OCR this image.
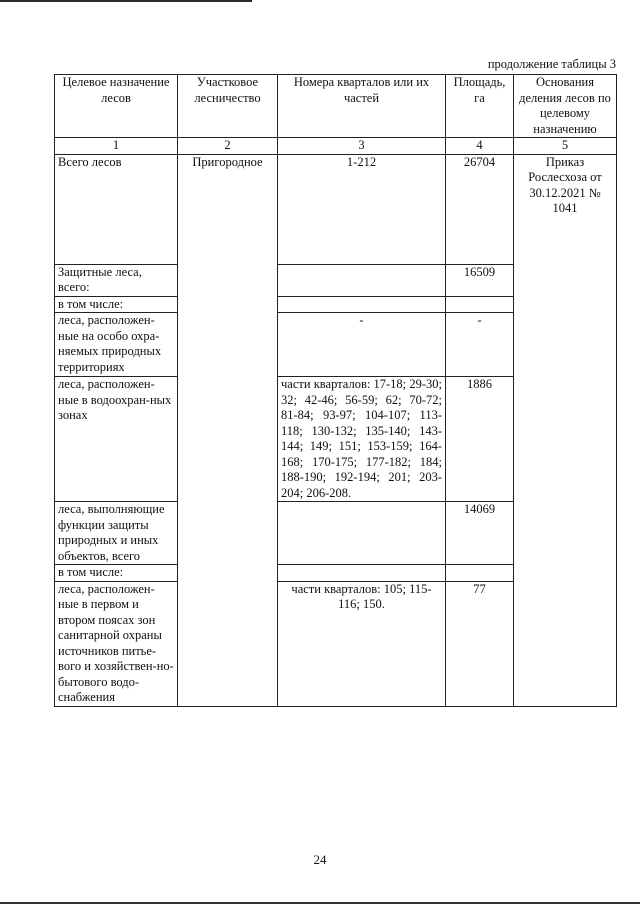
продолжение таблицы 3
Целевое назначение лесов	Участковое лесничество	Номера кварталов или их частей	Площадь, га	Основания деления лесов по целевому назначению
1	2	3	4	5
Всего лесов	Пригородное	1-212	26704	Приказ Рослесхоза от 30.12.2021 № 1041
Защитные леса, всего:			16509	
в том числе:				
леса, расположен-ные на особо охра-няемых природных территориях		-	-	
леса, расположен-ные в водоохран-ных зонах		части кварталов: 17-18; 29-30; 32; 42-46; 56-59; 62; 70-72; 81-84; 93-97; 104-107; 113-118; 130-132; 135-140; 143-144; 149; 151; 153-159; 164-168; 170-175; 177-182; 184; 188-190; 192-194; 201; 203-204; 206-208.	1886	
леса, выполняющие функции защиты природных и иных объектов, всего			14069	
в том числе:				
леса, расположен-ные в первом и втором поясах зон санитарной охраны источников питье-вого и хозяйствен-но-бытового водо-снабжения		части кварталов: 105; 115-116; 150.	77	
24
